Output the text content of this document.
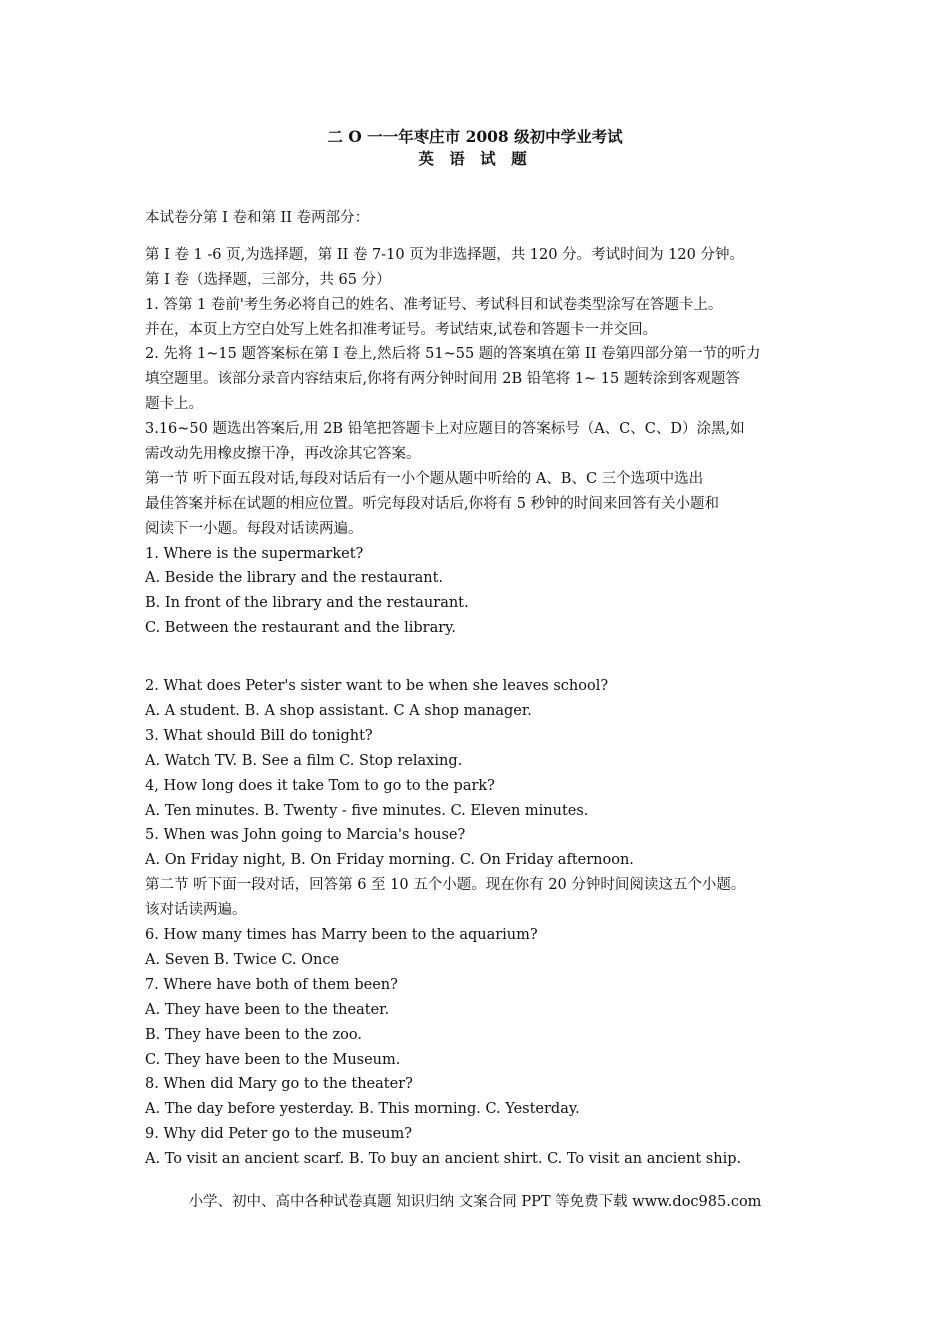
二 O 一一年枣庄市 2008 级初中学业考试
英 语 试 题
本试卷分第 I 卷和第 II 卷两部分：
第 I 卷 1 -6 页,为选择题，第 II 卷 7-10 页为非选择题，共 120 分。考试时间为 120 分钟。
第 I 卷（选择题，三部分，共 65 分）
1. 答第 1 卷前'考生务必将自己的姓名、准考证号、考试科目和试卷类型涂写在答题卡上。
并在，本页上方空白处写上姓名扣准考证号。考试结束,试卷和答题卡一并交回。
2. 先将 1~15 题答案标在第 I 卷上,然后将 51~55 题的答案填在第 II 卷第四部分第一节的听力
填空题里。该部分录音内容结束后,你将有两分钟时间用 2B 铅笔将 1~ 15 题转涂到客观题答
题卡上。
3.16~50 题选出答案后,用 2B 铅笔把答题卡上对应题目的答案标号（A、C、C、D）涂黑,如
需改动先用橡皮擦干净，再改涂其它答案。
第一节 听下面五段对话,每段对话后有一小个题从题中听给的 A、B、C 三个选项中选出
最佳答案并标在试题的相应位置。听完每段对话后,你将有 5 秒钟的时间来回答有关小题和
阅读下一小题。每段对话读两遍。
1. Where is the supermarket?
A. Beside the library and the restaurant.
B. In front of the library and the restaurant.
C. Between the restaurant and the library.
2. What does Peter's sister want to be when she leaves school?
A. A student. B. A shop assistant. C A shop manager.
3. What should Bill do tonight?
A. Watch TV. B. See a film C. Stop relaxing.
4, How long does it take Tom to go to the park?
A. Ten minutes. B. Twenty - five minutes. C. Eleven minutes.
5. When was John going to Marcia's house?
A. On Friday night, B. On Friday morning. C. On Friday afternoon.
第二节 听下面一段对话，回答第 6 至 10 五个小题。现在你有 20 分钟时间阅读这五个小题。
该对话读两遍。
6. How many times has Marry been to the aquarium?
A. Seven B. Twice C. Once
7. Where have both of them been?
A. They have been to the theater.
B. They have been to the zoo.
C. They have been to the Museum.
8. When did Mary go to the theater?
A. The day before yesterday. B. This morning. C. Yesterday.
9. Why did Peter go to the museum?
A. To visit an ancient scarf. B. To buy an ancient shirt. C. To visit an ancient ship.
小学、初中、高中各种试卷真题 知识归纳 文案合同 PPT 等免费下载 www.doc985.com
